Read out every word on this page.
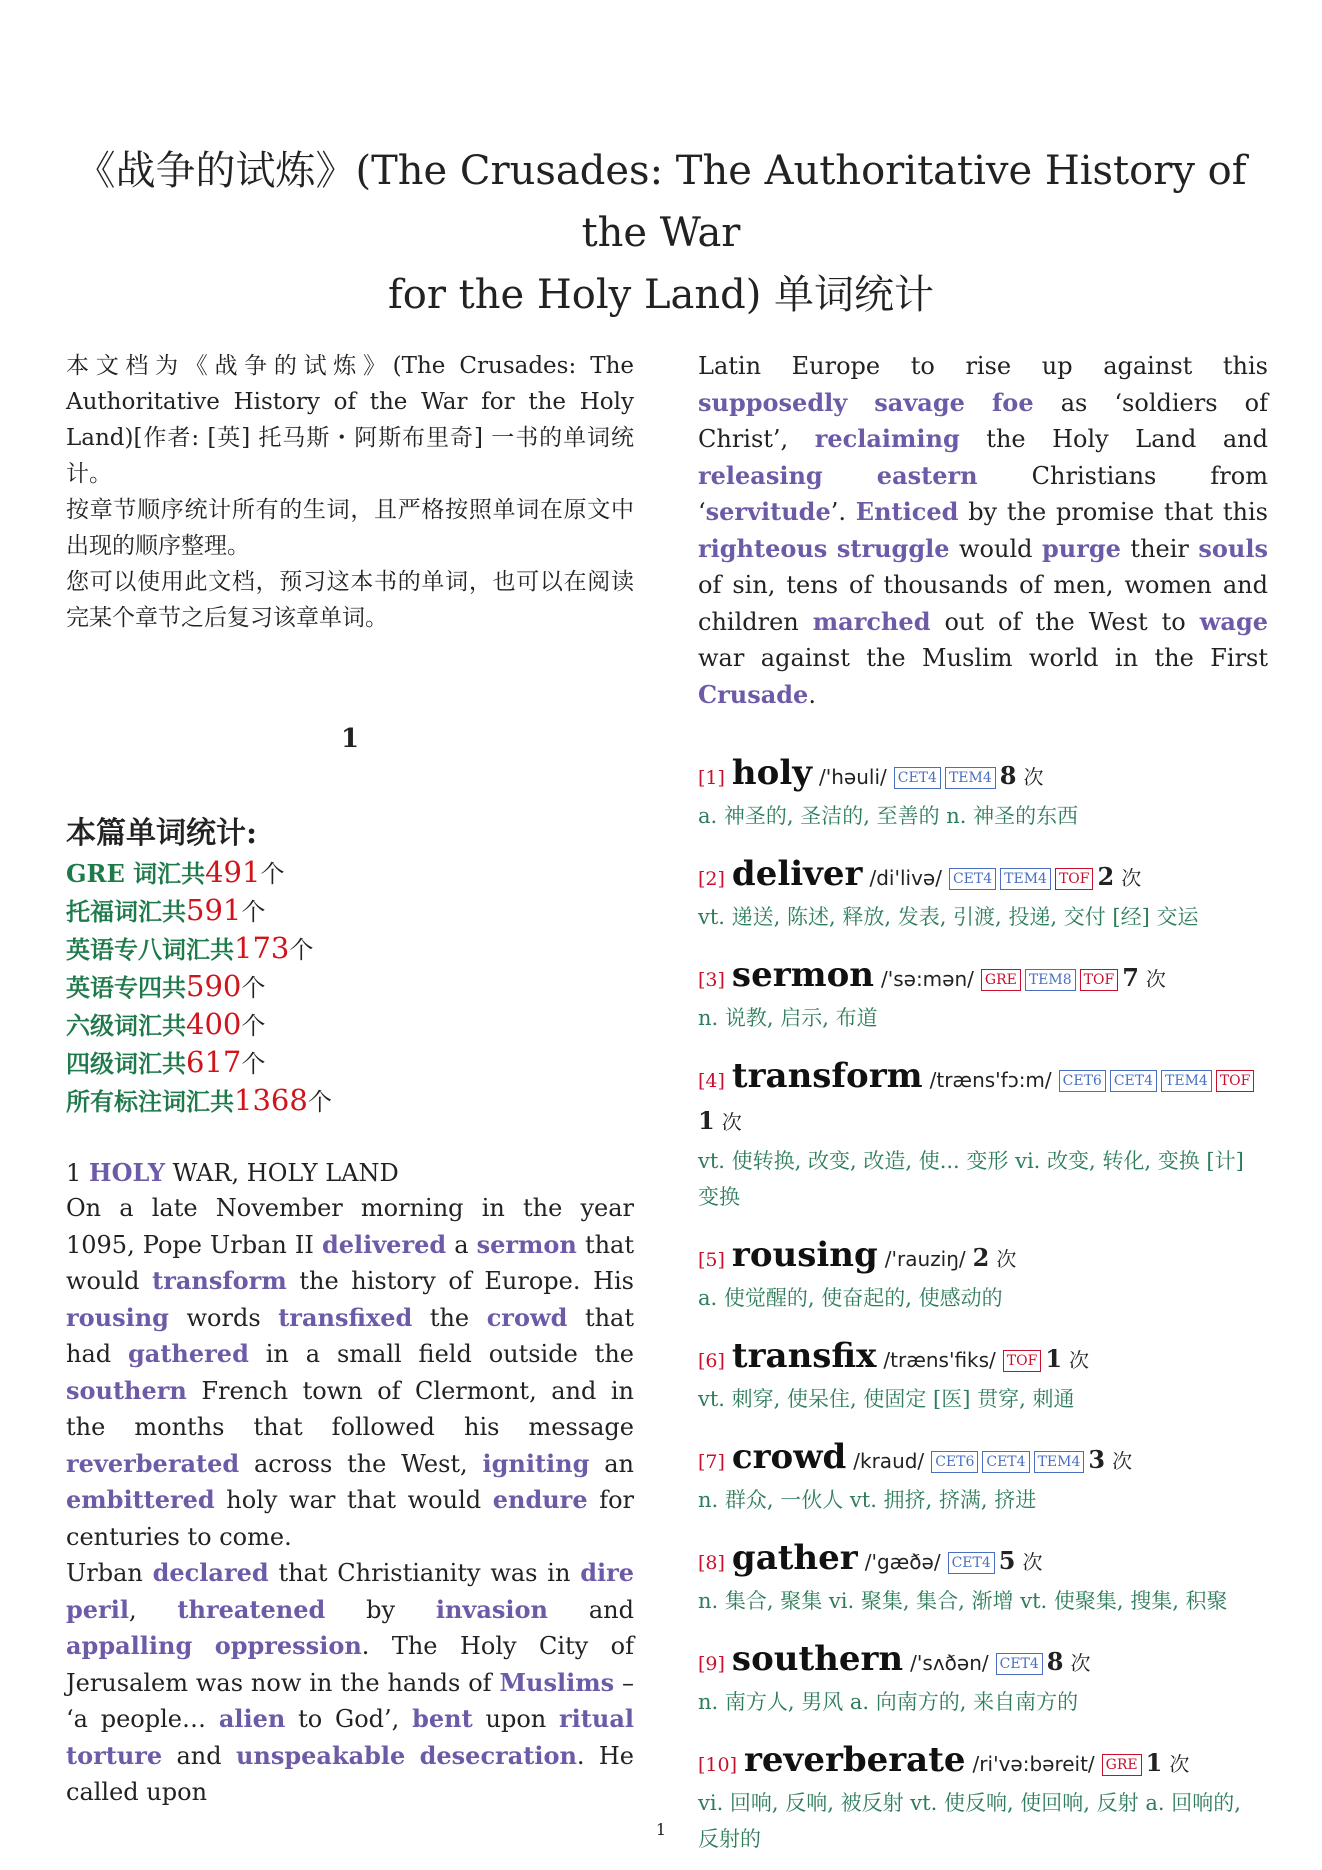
《战争的试炼》(The Crusades: The Authoritative History of the War
for the Holy Land) 单词统计

本文档为《战争的试炼》(The Crusades: The Authoritative History of the War for the Holy Land)[作者: [英] 托马斯・阿斯布里奇] 一书的单词统计。

按章节顺序统计所有的生词，且严格按照单词在原文中出现的顺序整理。

您可以使用此文档，预习这本书的单词，也可以在阅读完某个章节之后复习该章单词。

1
本篇单词统计:
GRE 词汇共491个
托福词汇共591个
英语专八词汇共173个
英语专四共590个
六级词汇共400个
四级词汇共617个
所有标注词汇共1368个
1 HOLY WAR, HOLY LAND

On a late November morning in the year 1095, Pope Urban II delivered a sermon that would transform the history of Europe. His rousing words transfixed the crowd that had gathered in a small field outside the southern French town of Clermont, and in the months that followed his message reverberated across the West, igniting an embittered holy war that would endure for centuries to come.

Urban declared that Christianity was in dire peril, threatened by invasion and appalling oppression. The Holy City of Jerusalem was now in the hands of Muslims – ‘a people… alien to God’, bent upon ritual torture and unspeakable desecration. He called upon

Latin Europe to rise up against this supposedly savage foe as ‘soldiers of Christ’, reclaiming the Holy Land and releasing eastern Christians from ‘servitude’. Enticed by the promise that this righteous struggle would purge their souls of sin, tens of thousands of men, women and children marched out of the West to wage war against the Muslim world in the First Crusade.

[1] holy /'həuli/ CET4 TEM4 8 次
a. 神圣的, 圣洁的, 至善的 n. 神圣的东西
[2] deliver /di'livə/ CET4 TEM4 TOF 2 次
vt. 递送, 陈述, 释放, 发表, 引渡, 投递, 交付 [经] 交运
[3] sermon /'sə:mən/ GRE TEM8 TOF 7 次
n. 说教, 启示, 布道
[4] transform /træns'fɔ:m/ CET6 CET4 TEM4 TOF1 次
vt. 使转换, 改变, 改造, 使... 变形 vi. 改变, 转化, 变换 [计] 变换
[5] rousing /'rauziŋ/ 2 次
a. 使觉醒的, 使奋起的, 使感动的
[6] transfix /træns'fiks/ TOF 1 次
vt. 刺穿, 使呆住, 使固定 [医] 贯穿, 刺通
[7] crowd /kraud/ CET6 CET4 TEM4 3 次
n. 群众, 一伙人 vt. 拥挤, 挤满, 挤进
[8] gather /'gæðə/ CET4 5 次
n. 集合, 聚集 vi. 聚集, 集合, 渐增 vt. 使聚集, 搜集, 积聚
[9] southern /'sʌðən/ CET4 8 次
n. 南方人, 男风 a. 向南方的, 来自南方的
[10] reverberate /ri'və:bəreit/ GRE 1 次
vi. 回响, 反响, 被反射 vt. 使反响, 使回响, 反射 a. 回响的, 反射的
1
